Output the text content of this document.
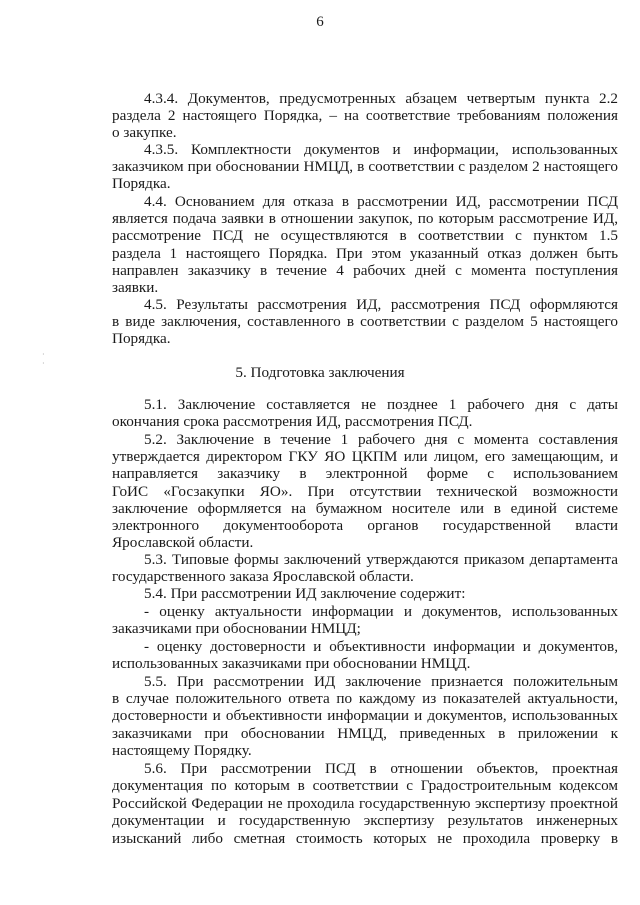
6
·
·
4.3.4. Документов, предусмотренных абзацем четвертым пункта 2.2
раздела 2 настоящего Порядка, – на соответствие требованиям положения
о закупке.
4.3.5. Комплектности документов и информации, использованных
заказчиком при обосновании НМЦД, в соответствии с разделом 2 настоящего
Порядка.
4.4. Основанием для отказа в рассмотрении ИД, рассмотрении ПСД
является подача заявки в отношении закупок, по которым рассмотрение ИД,
рассмотрение ПСД не осуществляются в соответствии с пунктом 1.5
раздела 1 настоящего Порядка. При этом указанный отказ должен быть
направлен заказчику в течение 4 рабочих дней с момента поступления
заявки.
4.5. Результаты рассмотрения ИД, рассмотрения ПСД оформляются
в виде заключения, составленного в соответствии с разделом 5 настоящего
Порядка.
5. Подготовка заключения
5.1. Заключение составляется не позднее 1 рабочего дня с даты
окончания срока рассмотрения ИД, рассмотрения ПСД.
5.2. Заключение в течение 1 рабочего дня с момента составления
утверждается директором ГКУ ЯО ЦКПМ или лицом, его замещающим, и
направляется заказчику в электронной форме с использованием
ГоИС «Госзакупки ЯО». При отсутствии технической возможности
заключение оформляется на бумажном носителе или в единой системе
электронного документооборота органов государственной власти
Ярославской области.
5.3. Типовые формы заключений утверждаются приказом департамента
государственного заказа Ярославской области.
5.4. При рассмотрении ИД заключение содержит:
- оценку актуальности информации и документов, использованных
заказчиками при обосновании НМЦД;
- оценку достоверности и объективности информации и документов,
использованных заказчиками при обосновании НМЦД.
5.5. При рассмотрении ИД заключение признается положительным
в случае положительного ответа по каждому из показателей актуальности,
достоверности и объективности информации и документов, использованных
заказчиками при обосновании НМЦД, приведенных в приложении к
настоящему Порядку.
5.6. При рассмотрении ПСД в отношении объектов, проектная
документация по которым в соответствии с Градостроительным кодексом
Российской Федерации не проходила государственную экспертизу проектной
документации и государственную экспертизу результатов инженерных
изысканий либо сметная стоимость которых не проходила проверку в
